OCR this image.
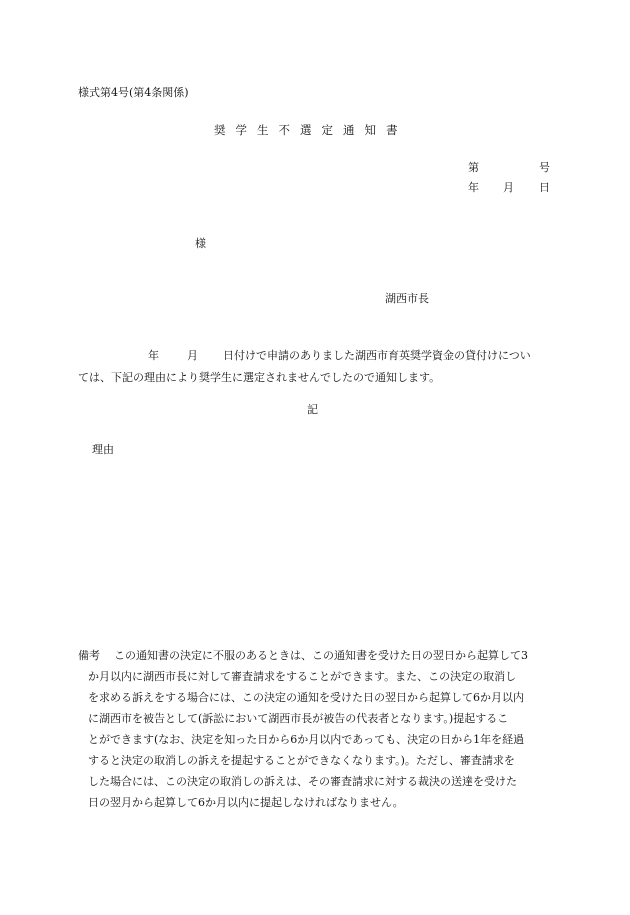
様式第4号(第4条関係)
奨学生不選定通知書
第	号
年 月 日
様
湖西市長

年	月 日付けで申請のありました湖西市育英奨学資金の貸付けについ
ては、下記の理由により奨学生に選定されませんでしたので通知します。

記
理由

備考 この通知書の決定に不服のあるときは、この通知書を受けた日の翌日から起算して3
か月以内に湖西市長に対して審査請求をすることができます。また、この決定の取消し
を求める訴えをする場合には、この決定の通知を受けた日の翌日から起算して6か月以内
に湖西市を被告として(訴訟において湖西市長が被告の代表者となります。)提起するこ
とができます(なお、決定を知った日から6か月以内であっても、決定の日から1年を経過
すると決定の取消しの訴えを提起することができなくなります。)。ただし、審査請求を
した場合には、この決定の取消しの訴えは、その審査請求に対する裁決の送達を受けた
日の翌月から起算して6か月以内に提起しなければなりません。
